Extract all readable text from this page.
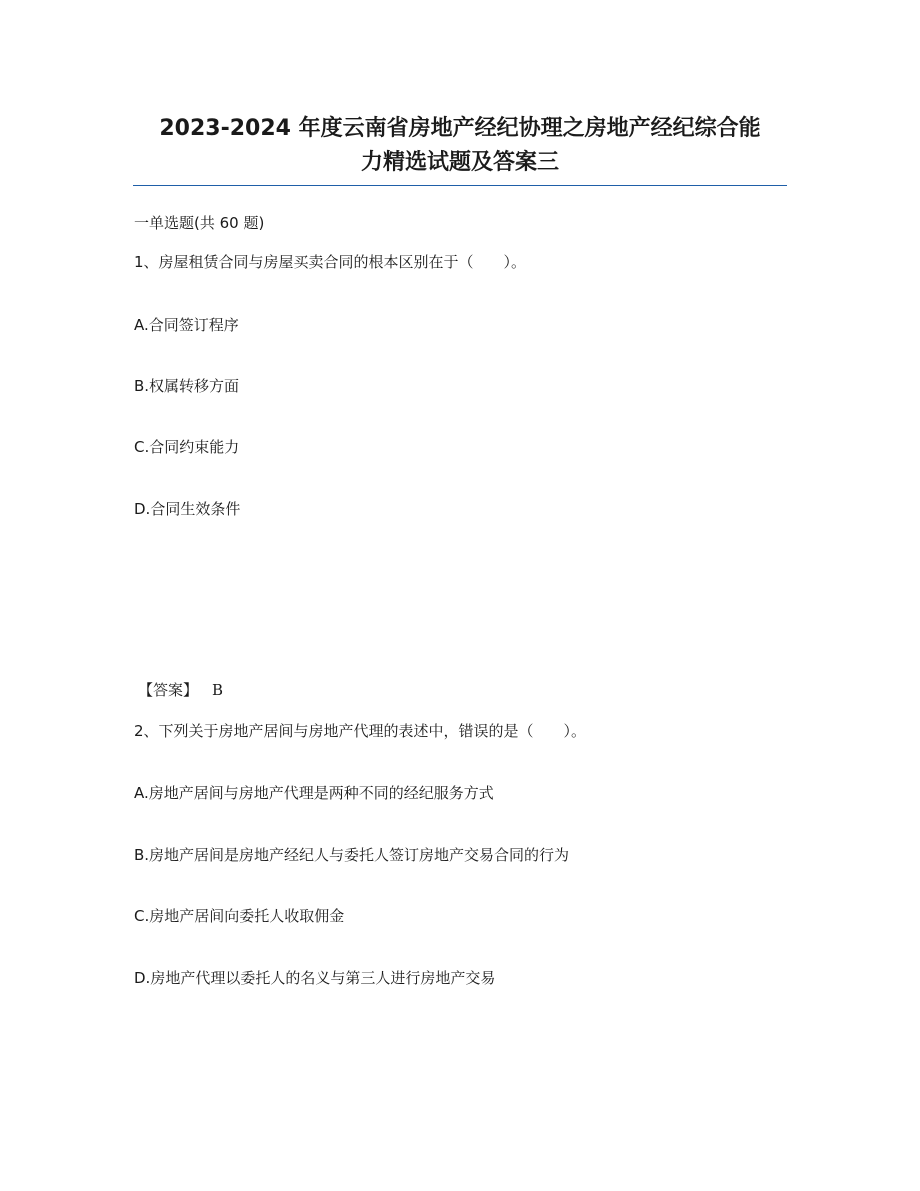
2023-2024 年度云南省房地产经纪协理之房地产经纪综合能
力精选试题及答案三
一单选题(共 60 题)
1、房屋租赁合同与房屋买卖合同的根本区别在于（　　）。
A.合同签订程序
B.权属转移方面
C.合同约束能力
D.合同生效条件
【答案】 B
2、下列关于房地产居间与房地产代理的表述中，错误的是（　　）。
A.房地产居间与房地产代理是两种不同的经纪服务方式
B.房地产居间是房地产经纪人与委托人签订房地产交易合同的行为
C.房地产居间向委托人收取佣金
D.房地产代理以委托人的名义与第三人进行房地产交易
